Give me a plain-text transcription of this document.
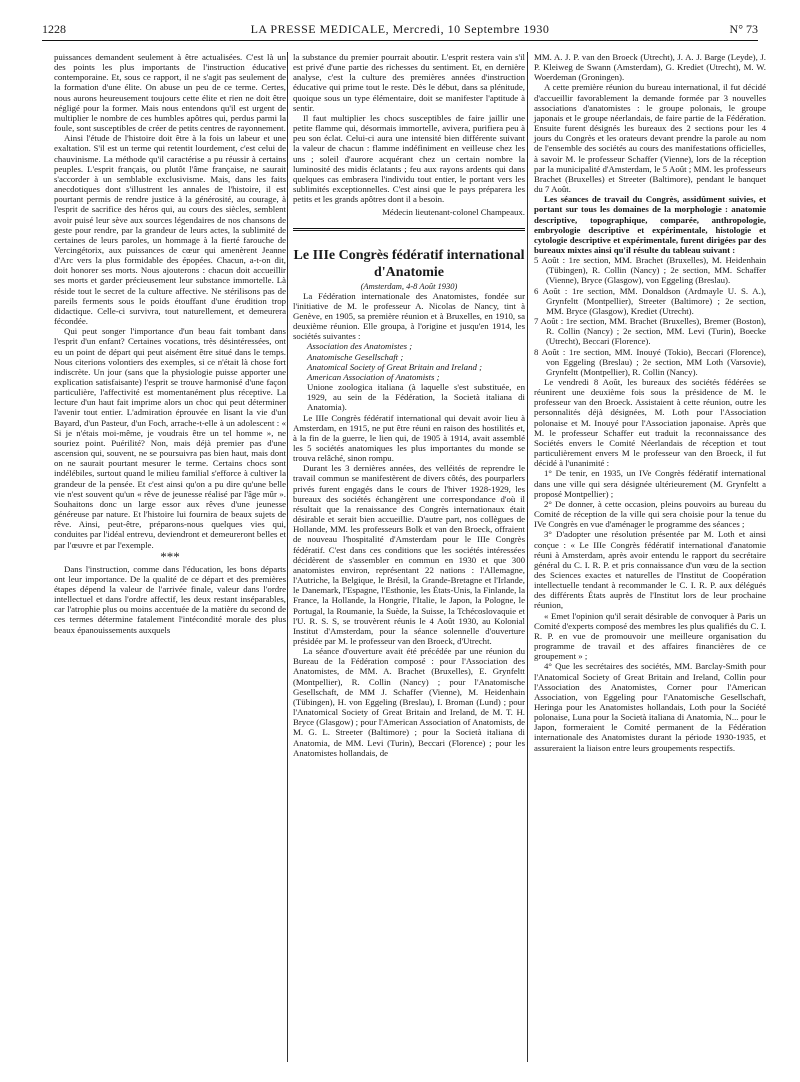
1228	LA PRESSE MEDICALE, Mercredi, 10 Septembre 1930	N° 73

puissances demandent seulement à être actualisées. C'est là un des points les plus importants de l'instruction éducative contemporaine. Et, sous ce rapport, il ne s'agit pas seulement de la formation d'une élite. On abuse un peu de ce terme. Certes, nous aurons heureusement toujours cette élite et rien ne doit être négligé pour la former. Mais nous entendons qu'il est urgent de multiplier le nombre de ces humbles apôtres qui, perdus parmi la foule, sont susceptibles de créer de petits centres de rayonnement.

Ainsi l'étude de l'histoire doit être à la fois un labeur et une exaltation. S'il est un terme qui retentit lourdement, c'est celui de chauvinisme. La méthode qu'il caractérise a pu réussir à certains peuples. L'esprit français, ou plutôt l'âme française, ne saurait s'accorder à un semblable exclusivisme. Mais, dans les faits anecdotiques dont s'illustrent les annales de l'histoire, il est pourtant permis de rendre justice à la générosité, au courage, à l'esprit de sacrifice des héros qui, au cours des siècles, semblent avoir puisé leur sève aux sources légendaires de nos chansons de geste pour rendre, par la grandeur de leurs actes, la sublimité de certaines de leurs paroles, un hommage à la fierté farouche de Vercingétorix, aux puissances de cœur qui amenèrent Jeanne d'Arc vers la plus formidable des épopées. Chacun, a-t-on dit, doit honorer ses morts. Nous ajouterons : chacun doit accueillir ses morts et garder précieusement leur substance immortelle. Là réside tout le secret de la culture affective. Ne stérilisons pas de pareils ferments sous le poids étouffant d'une érudition trop didactique. Celle-ci survivra, tout naturellement, et demeurera fécondée.

Qui peut songer l'importance d'un beau fait tombant dans l'esprit d'un enfant? Certaines vocations, très désintéressées, ont eu un point de départ qui peut aisément être situé dans le temps. Nous citerions volontiers des exemples, si ce n'était là chose fort indiscrète. Un jour (sans que la physiologie puisse apporter une explication satisfaisante) l'esprit se trouve harmonisé d'une façon particulière, l'affectivité est momentanément plus réceptive. La lecture d'un haut fait imprime alors un choc qui peut déterminer l'avenir tout entier. L'admiration éprouvée en lisant la vie d'un Bayard, d'un Pasteur, d'un Foch, arrache-t-elle à un adolescent : « Si je n'étais moi-même, je voudrais être un tel homme », ne souriez point. Puérilité? Non, mais déjà premier pas d'une ascension qui, souvent, ne se poursuivra pas bien haut, mais dont on ne saurait pourtant mesurer le terme. Certains chocs sont indélébiles, surtout quand le milieu familial s'efforce à cultiver la grandeur de la pensée. Et c'est ainsi qu'on a pu dire qu'une belle vie n'est souvent qu'un « rêve de jeunesse réalisé par l'âge mûr ». Souhaitons donc un large essor aux rêves d'une jeunesse généreuse par nature. Et l'histoire lui fournira de beaux sujets de rêve. Ainsi, peut-être, préparons-nous quelques vies qui, conduites par l'idéal entrevu, deviendront et demeureront belles et par l'œuvre et par l'exemple.

***

Dans l'instruction, comme dans l'éducation, les bons départs ont leur importance. De la qualité de ce départ et des premières étapes dépend la valeur de l'arrivée finale, valeur dans l'ordre intellectuel et dans l'ordre affectif, les deux restant inséparables, car l'atrophie plus ou moins accentuée de la matière du second de ces termes détermine fatalement l'intécondité morale des plus beaux épanouissements auxquels

la substance du premier pourrait aboutir. L'esprit restera vain s'il est privé d'une partie des richesses du sentiment. Et, en dernière analyse, c'est la culture des premières années d'instruction éducative qui prime tout le reste. Dès le début, dans sa plénitude, quoique sous un type élémentaire, doit se manifester l'aptitude à sentir.

Il faut multiplier les chocs susceptibles de faire jaillir une petite flamme qui, désormais immortelle, avivera, purifiera peu à peu son éclat. Celui-ci aura une intensité bien différente suivant la valeur de chacun : flamme indéfiniment en veilleuse chez les uns ; soleil d'aurore acquérant chez un certain nombre la luminosité des midis éclatants ; feu aux rayons ardents qui dans quelques cas embrasera l'individu tout entier, le portant vers les sublimités exceptionnelles. C'est ainsi que le pays préparera les petits et les grands apôtres dont il a besoin.

Médecin lieutenant-colonel Champeaux.

Le IIIe Congrès fédératif international d'Anatomie

(Amsterdam, 4-8 Août 1930)

La Fédération internationale des Anatomistes, fondée sur l'initiative de M. le professeur A. Nicolas de Nancy, tint à Genève, en 1905, sa première réunion et à Bruxelles, en 1910, sa deuxième réunion. Elle groupa, à l'origine et jusqu'en 1914, les sociétés suivantes :

Association des Anatomistes ;

Anatomische Gesellschaft ;

Anatomical Society of Great Britain and Ireland ;

American Association of Anatomists ;

Unione zoologica italiana (à laquelle s'est substituée, en 1929, au sein de la Fédération, la Società italiana di Anatomia).

Le IIIe Congrès fédératif international qui devait avoir lieu à Amsterdam, en 1915, ne put être réuni en raison des hostilités et, à la fin de la guerre, le lien qui, de 1905 à 1914, avait assemblé les 5 sociétés anatomiques les plus importantes du monde se trouva relâché, sinon rompu.

Durant les 3 dernières années, des velléités de reprendre le travail commun se manifestèrent de divers côtés, des pourparlers privés furent engagés dans le cours de l'hiver 1928-1929, les bureaux des sociétés échangèrent une correspondance d'où il résultait que la renaissance des Congrès internationaux était désirable et serait bien accueillie. D'autre part, nos collègues de Hollande, MM. les professeurs Bolk et van den Broeck, offraient de nouveau l'hospitalité d'Amsterdam pour le IIIe Congrès fédératif. C'est dans ces conditions que les sociétés intéressées décidèrent de s'assembler en commun en 1930 et que 300 anatomistes environ, représentant 22 nations : l'Allemagne, l'Autriche, la Belgique, le Brésil, la Grande-Bretagne et l'Irlande, le Danemark, l'Espagne, l'Esthonie, les États-Unis, la Finlande, la France, la Hollande, la Hongrie, l'Italie, le Japon, la Pologne, le Portugal, la Roumanie, la Suède, la Suisse, la Tchécoslovaquie et l'U. R. S. S, se trouvèrent réunis le 4 Août 1930, au Kolonial Institut d'Amsterdam, pour la séance solennelle d'ouverture présidée par M. le professeur van den Broeck, d'Utrecht.

La séance d'ouverture avait été précédée par une réunion du Bureau de la Fédération composé : pour l'Association des Anatomistes, de MM. A. Brachet (Bruxelles), E. Grynfeltt (Montpellier), R. Collin (Nancy) ; pour l'Anatomische Gesellschaft, de MM J. Schaffer (Vienne), M. Heidenhain (Tübingen), H. von Eggeling (Breslau), I. Broman (Lund) ; pour l'Anatomical Society of Great Britain and Ireland, de M. T. H. Bryce (Glasgow) ; pour l'American Association of Anatomists, de M. G. L. Streeter (Baltimore) ; pour la Società italiana di Anatomia, de MM. Levi (Turin), Beccari (Florence) ; pour les Anatomistes hollandais, de

MM. A. J. P. van den Broeck (Utrecht), J. A. J. Barge (Leyde), J. P. Kleiweg de Swann (Amsterdam), G. Krediet (Utrecht), M. W. Woerdeman (Groningen).

A cette première réunion du bureau international, il fut décidé d'accueillir favorablement la demande formée par 3 nouvelles associations d'anatomistes : le groupe polonais, le groupe japonais et le groupe néerlandais, de faire partie de la Fédération. Ensuite furent désignés les bureaux des 2 sections pour les 4 jours du Congrès et les orateurs devant prendre la parole au nom de l'ensemble des sociétés au cours des manifestations officielles, à savoir M. le professeur Schaffer (Vienne), lors de la réception par la municipalité d'Amsterdam, le 5 Août ; MM. les professeurs Brachet (Bruxelles) et Streeter (Baltimore), pendant le banquet du 7 Août.

Les séances de travail du Congrès, assidûment suivies, et portant sur tous les domaines de la morphologie : anatomie descriptive, topographique, comparée, anthropologie, embryologie descriptive et expérimentale, histologie et cytologie descriptive et expérimentale, furent dirigées par des bureaux mixtes ainsi qu'il résulte du tableau suivant :

5 Août : 1re section, MM. Brachet (Bruxelles), M. Heidenhain (Tübingen), R. Collin (Nancy) ; 2e section, MM. Schaffer (Vienne), Bryce (Glasgow), von Eggeling (Breslau).

6 Août : 1re section, MM. Donaldson (Ardmayle U. S. A.), Grynfeltt (Montpellier), Streeter (Baltimore) ; 2e section, MM. Bryce (Glasgow), Krediet (Utrecht).

7 Août : 1re section, MM. Brachet (Bruxelles), Bremer (Boston), R. Collin (Nancy) ; 2e section, MM. Levi (Turin), Boecke (Utrecht), Beccari (Florence).

8 Août : 1re section, MM. Inouyé (Tokio), Beccari (Florence), von Eggeling (Breslau) ; 2e section, MM Loth (Varsovie), Grynfeltt (Montpellier), R. Collin (Nancy).

Le vendredi 8 Août, les bureaux des sociétés fédérées se réunirent une deuxième fois sous la présidence de M. le professeur van den Broeck. Assistaient à cette réunion, outre les personnalités déjà désignées, M. Loth pour l'Association polonaise et M. Inouyé pour l'Association japonaise. Après que M. le professeur Schaffer eut traduit la reconnaissance des Sociétés envers le Comité Néerlandais de réception et tout particulièrement envers M le professeur van den Broeck, il fut décidé à l'unanimité :

1° De tenir, en 1935, un IVe Congrès fédératif international dans une ville qui sera désignée ultérieurement (M. Grynfeltt a proposé Montpellier) ;

2° De donner, à cette occasion, pleins pouvoirs au bureau du Comité de réception de la ville qui sera choisie pour la tenue du IVe Congrès en vue d'aménager le programme des séances ;

3° D'adopter une résolution présentée par M. Loth et ainsi conçue : « Le IIIe Congrès fédératif international d'anatomie réuni à Amsterdam, après avoir entendu le rapport du secrétaire général du C. I. R. P. et pris connaissance d'un vœu de la section des Sciences exactes et naturelles de l'Institut de Coopération intellectuelle tendant à recommander le C. I. R. P. aux délégués des différents États auprès de l'Institut lors de leur prochaine réunion,

« Emet l'opinion qu'il serait désirable de convoquer à Paris un Comité d'experts composé des membres les plus qualifiés du C. I. R. P. en vue de promouvoir une meilleure organisation du programme de travail et des affaires financières de ce groupement » ;

4° Que les secrétaires des sociétés, MM. Barclay-Smith pour l'Anatomical Society of Great Britain and Ireland, Collin pour l'Association des Anatomistes, Corner pour l'American Association, von Eggeling pour l'Anatomische Gesellschaft, Heringa pour les Anatomistes hollandais, Loth pour la Société polonaise, Luna pour la Società italiana di Anatomia, N... pour le Japon, formeraient le Comité permanent de la Fédération internationale des Anatomistes durant la période 1930-1935, et assureraient la liaison entre leurs groupements respectifs.
